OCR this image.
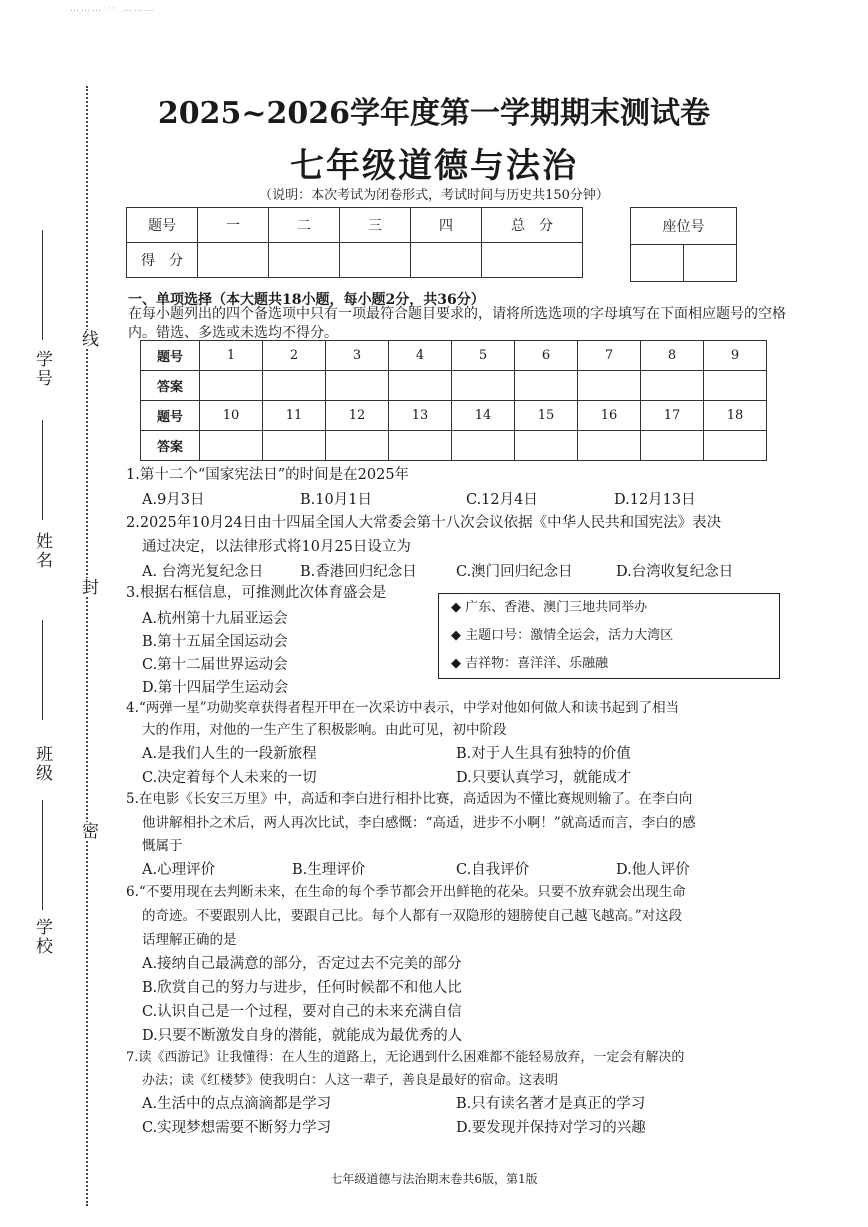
……… ·· ………
线
封
密
学号
姓名
班级
学校
2025~2026学年度第一学期期末测试卷
七年级道德与法治
（说明：本次考试为闭卷形式，考试时间与历史共150分钟）
题号	一	二	三	四	总　分
得　分					
座位号

一、单项选择（本大题共18小题，每小题2分，共36分）
在每小题列出的四个备选项中只有一项最符合题目要求的，请将所选选项的字母填写在下面相应题号的空格内。错选、多选或未选均不得分。
题号	1	2	3	4	5	6	7	8	9
答案									
题号	10	11	12	13	14	15	16	17	18
答案									
1.第十二个“国家宪法日”的时间是在2025年
A.9月3日	B.10月1日	C.12月4日	D.12月13日
2.2025年10月24日由十四届全国人大常委会第十八次会议依据《中华人民共和国宪法》表决
通过决定，以法律形式将10月25日设立为
A. 台湾光复纪念日	B.香港回归纪念日	C.澳门回归纪念日	D.台湾收复纪念日
3.根据右框信息，可推测此次体育盛会是
A.杭州第十九届亚运会
B.第十五届全国运动会
C.第十二届世界运动会
D.第十四届学生运动会
◆ 广东、香港、澳门三地共同举办
◆ 主题口号：激情全运会，活力大湾区
◆ 吉祥物：喜洋洋、乐融融
4.“两弹一星”功勋奖章获得者程开甲在一次采访中表示，中学对他如何做人和读书起到了相当
大的作用，对他的一生产生了积极影响。由此可见，初中阶段
A.是我们人生的一段新旅程	B.对于人生具有独特的价值
C.决定着每个人未来的一切	D.只要认真学习，就能成才
5.在电影《长安三万里》中，高适和李白进行相扑比赛，高适因为不懂比赛规则输了。在李白向
他讲解相扑之术后，两人再次比试，李白感慨：“高适，进步不小啊！”就高适而言，李白的感
慨属于
A.心理评价	B.生理评价	C.自我评价	D.他人评价
6.“不要用现在去判断未来，在生命的每个季节都会开出鲜艳的花朵。只要不放弃就会出现生命
的奇迹。不要跟别人比，要跟自己比。每个人都有一双隐形的翅膀使自己越飞越高。”对这段
话理解正确的是
A.接纳自己最满意的部分，否定过去不完美的部分
B.欣赏自己的努力与进步，任何时候都不和他人比
C.认识自己是一个过程，要对自己的未来充满自信
D.只要不断激发自身的潜能，就能成为最优秀的人
7.读《西游记》让我懂得：在人生的道路上，无论遇到什么困难都不能轻易放弃，一定会有解决的
办法；读《红楼梦》使我明白：人这一辈子，善良是最好的宿命。这表明
A.生活中的点点滴滴都是学习	B.只有读名著才是真正的学习
C.实现梦想需要不断努力学习	D.要发现并保持对学习的兴趣
七年级道德与法治期末卷共6版，第1版
